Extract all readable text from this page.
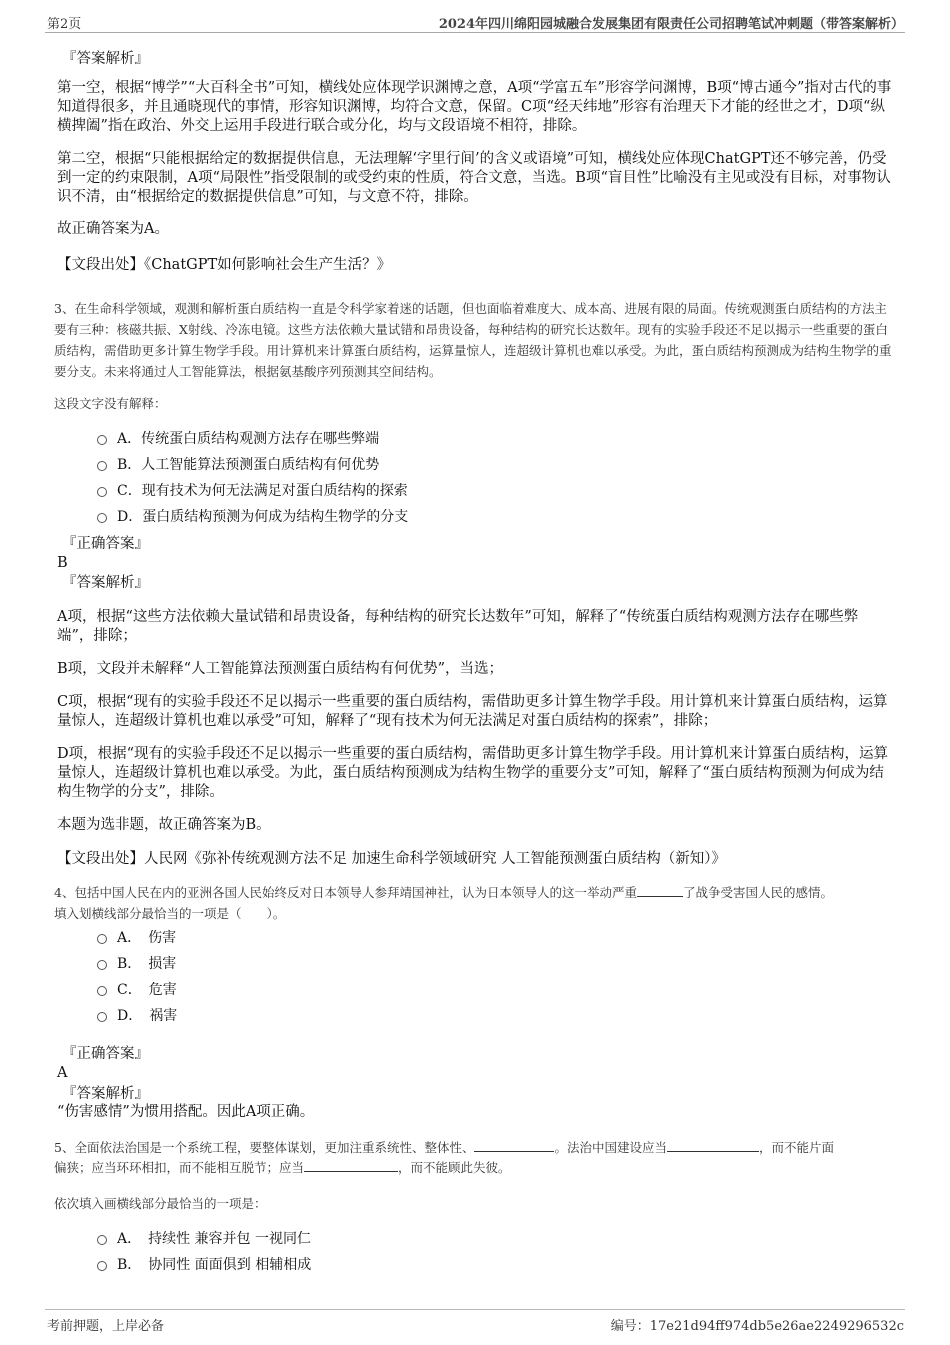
第2页	2024年四川绵阳园城融合发展集团有限责任公司招聘笔试冲刺题（带答案解析）
『答案解析』
第一空，根据“博学”“大百科全书”可知，横线处应体现学识渊博之意，A项“学富五车”形容学问渊博，B项“博古通今”指对古代的事知道得很多，并且通晓现代的事情，形容知识渊博，均符合文意，保留。C项“经天纬地”形容有治理天下才能的经世之才，D项“纵横捭阖”指在政治、外交上运用手段进行联合或分化，均与文段语境不相符，排除。
第二空，根据“只能根据给定的数据提供信息，无法理解‘字里行间’的含义或语境”可知，横线处应体现ChatGPT还不够完善，仍受到一定的约束限制，A项“局限性”指受限制的或受约束的性质，符合文意，当选。B项“盲目性”比喻没有主见或没有目标，对事物认识不清，由“根据给定的数据提供信息”可知，与文意不符，排除。
故正确答案为A。
【文段出处】《ChatGPT如何影响社会生产生活？》
3、在生命科学领域，观测和解析蛋白质结构一直是令科学家着迷的话题，但也面临着难度大、成本高、进展有限的局面。传统观测蛋白质结构的方法主要有三种：核磁共振、X射线、冷冻电镜。这些方法依赖大量试错和昂贵设备，每种结构的研究长达数年。现有的实验手段还不足以揭示一些重要的蛋白质结构，需借助更多计算生物学手段。用计算机来计算蛋白质结构，运算量惊人，连超级计算机也难以承受。为此，蛋白质结构预测成为结构生物学的重要分支。未来将通过人工智能算法，根据氨基酸序列预测其空间结构。
这段文字没有解释：
A．传统蛋白质结构观测方法存在哪些弊端
B．人工智能算法预测蛋白质结构有何优势
C．现有技术为何无法满足对蛋白质结构的探索
D．蛋白质结构预测为何成为结构生物学的分支
『正确答案』
B
『答案解析』
A项，根据“这些方法依赖大量试错和昂贵设备，每种结构的研究长达数年”可知，解释了“传统蛋白质结构观测方法存在哪些弊端”，排除；
B项，文段并未解释“人工智能算法预测蛋白质结构有何优势”，当选；
C项，根据“现有的实验手段还不足以揭示一些重要的蛋白质结构，需借助更多计算生物学手段。用计算机来计算蛋白质结构，运算量惊人，连超级计算机也难以承受”可知，解释了“现有技术为何无法满足对蛋白质结构的探索”，排除；
D项，根据“现有的实验手段还不足以揭示一些重要的蛋白质结构，需借助更多计算生物学手段。用计算机来计算蛋白质结构，运算量惊人，连超级计算机也难以承受。为此，蛋白质结构预测成为结构生物学的重要分支”可知，解释了“蛋白质结构预测为何成为结构生物学的分支”，排除。
本题为选非题，故正确答案为B。
【文段出处】人民网《弥补传统观测方法不足 加速生命科学领域研究 人工智能预测蛋白质结构（新知）》
4、包括中国人民在内的亚洲各国人民始终反对日本领导人参拜靖国神社，认为日本领导人的这一举动严重	了战争受害国人民的感情。
填入划横线部分最恰当的一项是（　　）。
A．　伤害
B．　损害
C．　危害
D．　祸害
『正确答案』
A
『答案解析』
“伤害感情”为惯用搭配。因此A项正确。
5、全面依法治国是一个系统工程，要整体谋划，更加注重系统性、整体性、	。法治中国建设应当	，而不能片面
偏狭；应当环环相扣，而不能相互脱节；应当	，而不能顾此失彼。
依次填入画横线部分最恰当的一项是：
A．　持续性 兼容并包 一视同仁
B．　协同性 面面俱到 相辅相成
考前押题，上岸必备	编号：17e21d94ff974db5e26ae2249296532c
